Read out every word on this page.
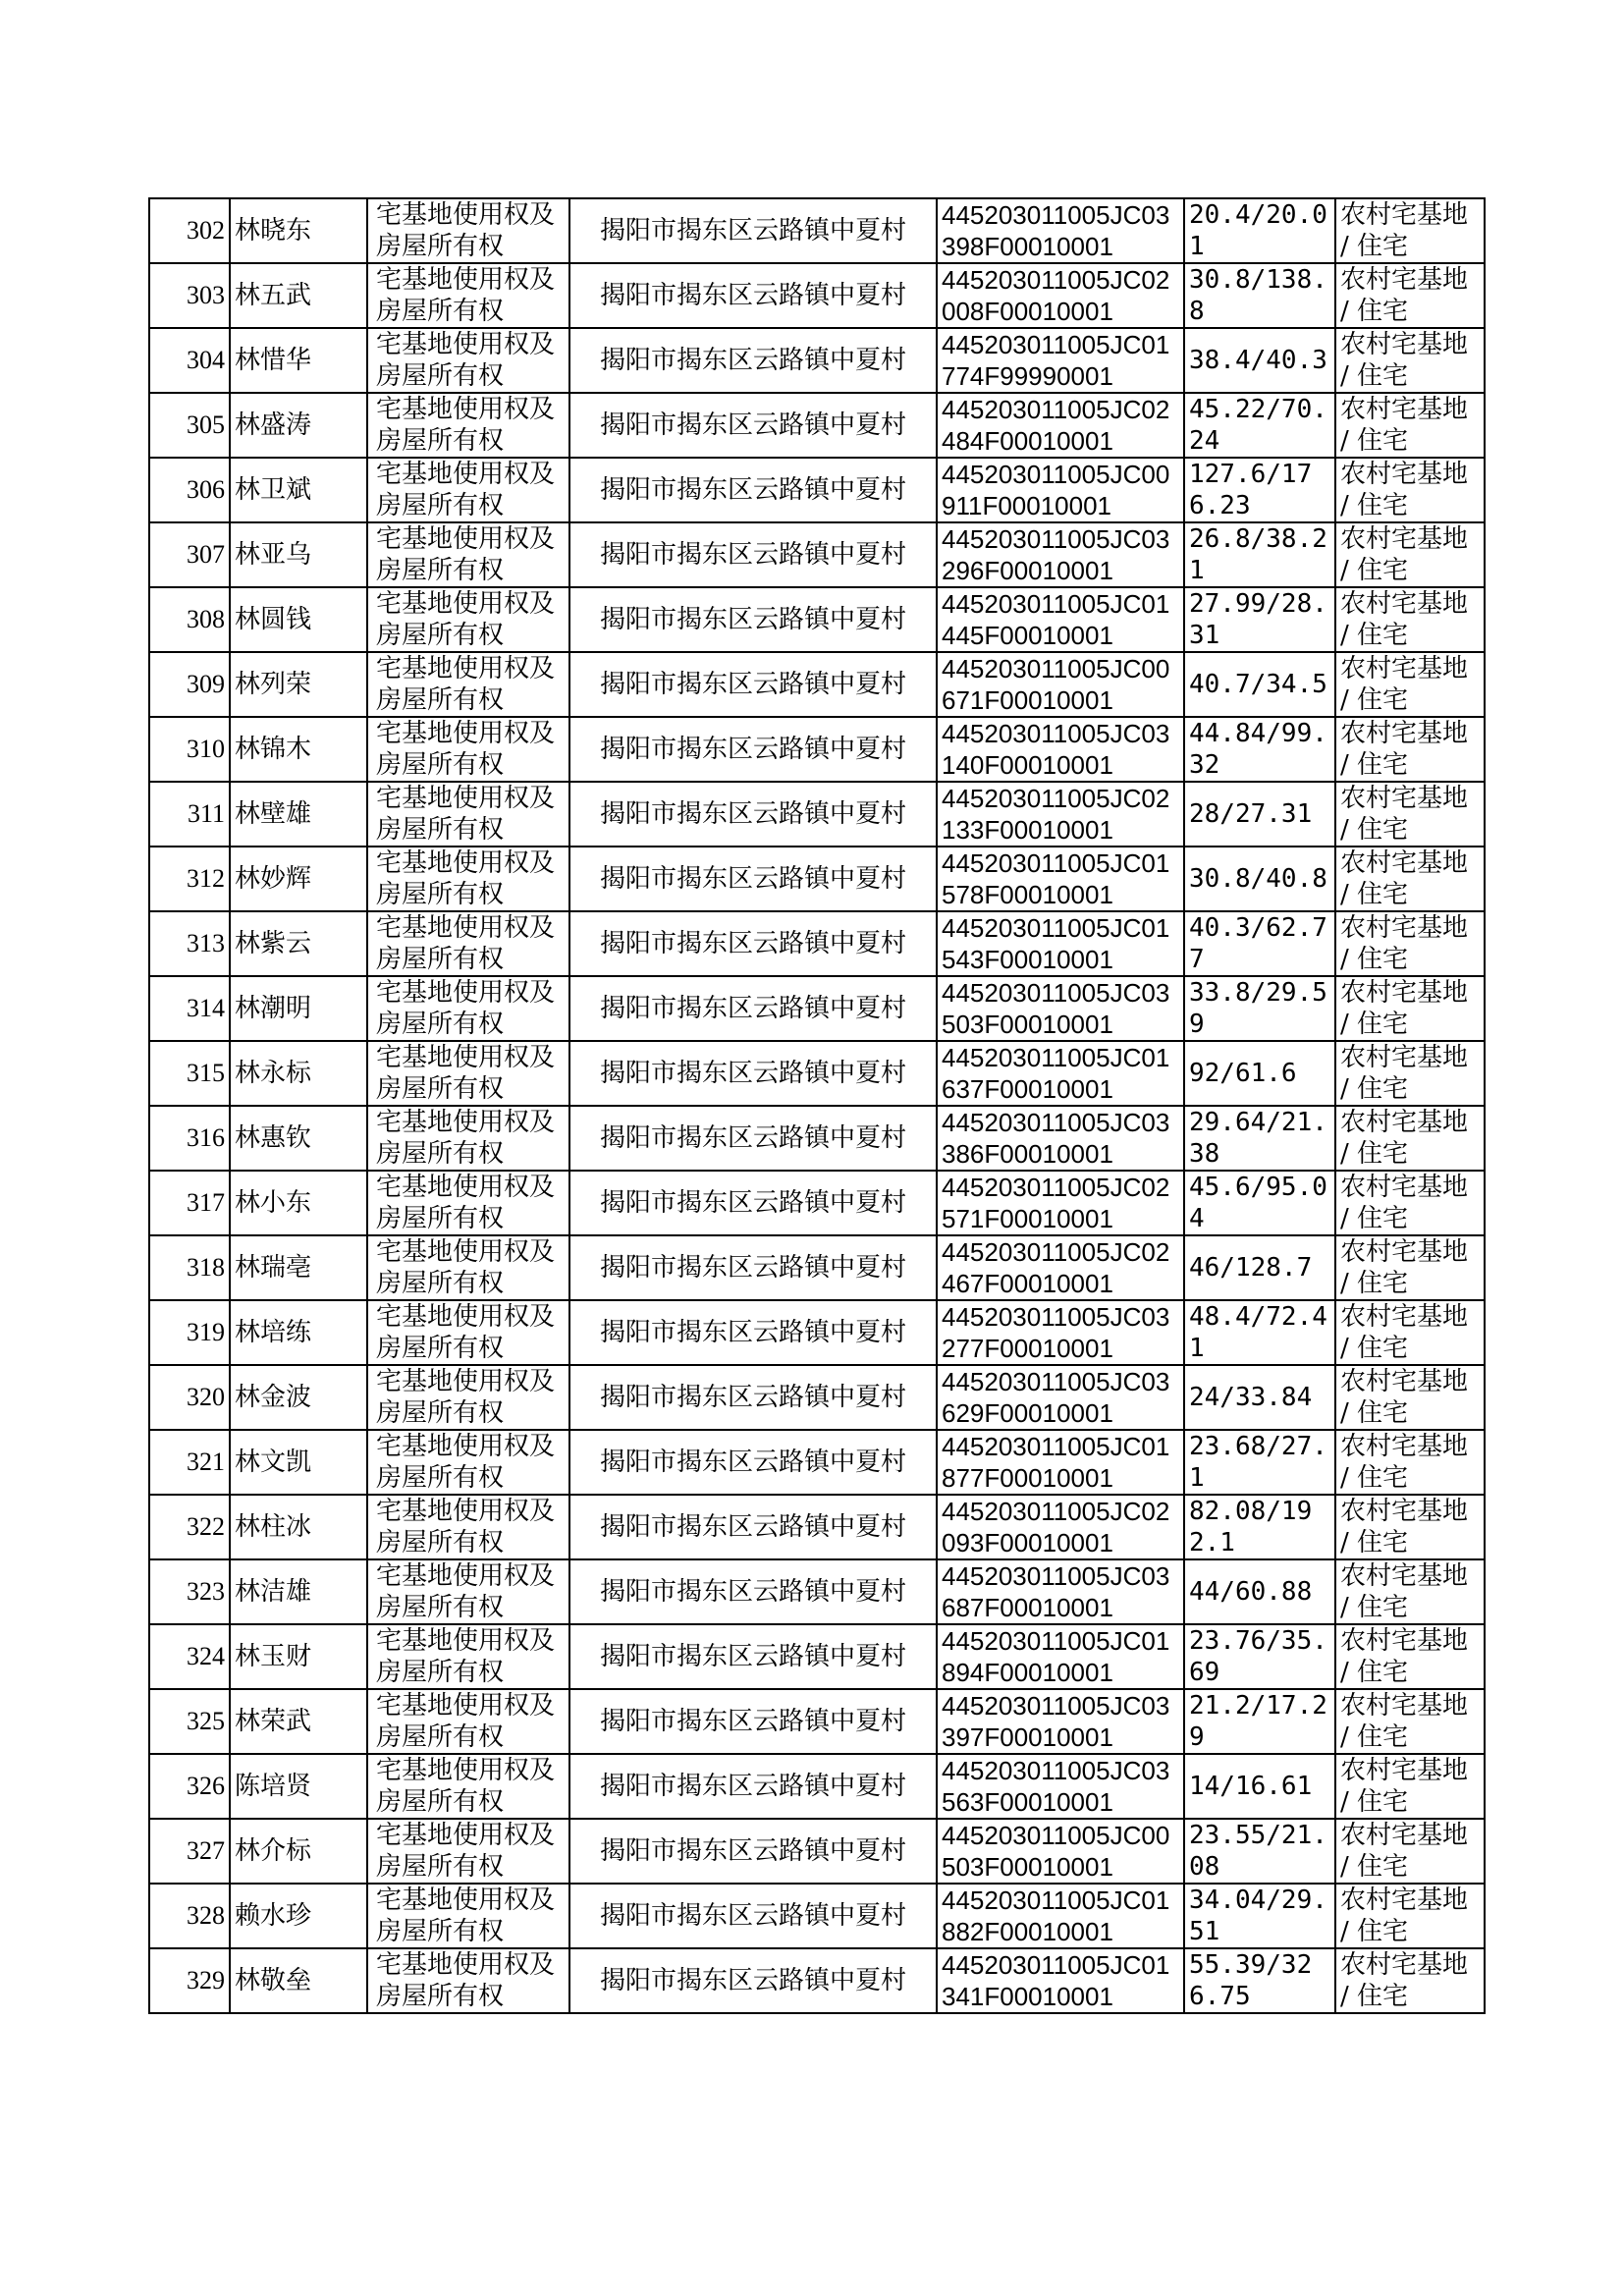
302	林晓东	宅基地使用权及房屋所有权	揭阳市揭东区云路镇中夏村	445203011005JC03398F00010001	20.4/20.01	农村宅基地 / 住宅

303	林五武	宅基地使用权及房屋所有权	揭阳市揭东区云路镇中夏村	445203011005JC02008F00010001	30.8/138.8	农村宅基地 / 住宅

304	林惜华	宅基地使用权及房屋所有权	揭阳市揭东区云路镇中夏村	445203011005JC01774F99990001	38.4/40.3	农村宅基地 / 住宅

305	林盛涛	宅基地使用权及房屋所有权	揭阳市揭东区云路镇中夏村	445203011005JC02484F00010001	45.22/70.24	农村宅基地 / 住宅

306	林卫斌	宅基地使用权及房屋所有权	揭阳市揭东区云路镇中夏村	445203011005JC00911F00010001	127.6/176.23	农村宅基地 / 住宅

307	林亚乌	宅基地使用权及房屋所有权	揭阳市揭东区云路镇中夏村	445203011005JC03296F00010001	26.8/38.21	农村宅基地 / 住宅

308	林圆钱	宅基地使用权及房屋所有权	揭阳市揭东区云路镇中夏村	445203011005JC01445F00010001	27.99/28.31	农村宅基地 / 住宅

309	林列荣	宅基地使用权及房屋所有权	揭阳市揭东区云路镇中夏村	445203011005JC00671F00010001	40.7/34.5	农村宅基地 / 住宅

310	林锦木	宅基地使用权及房屋所有权	揭阳市揭东区云路镇中夏村	445203011005JC03140F00010001	44.84/99.32	农村宅基地 / 住宅

311	林壁雄	宅基地使用权及房屋所有权	揭阳市揭东区云路镇中夏村	445203011005JC02133F00010001	28/27.31	农村宅基地 / 住宅

312	林妙辉	宅基地使用权及房屋所有权	揭阳市揭东区云路镇中夏村	445203011005JC01578F00010001	30.8/40.8	农村宅基地 / 住宅

313	林紫云	宅基地使用权及房屋所有权	揭阳市揭东区云路镇中夏村	445203011005JC01543F00010001	40.3/62.77	农村宅基地 / 住宅

314	林潮明	宅基地使用权及房屋所有权	揭阳市揭东区云路镇中夏村	445203011005JC03503F00010001	33.8/29.59	农村宅基地 / 住宅

315	林永标	宅基地使用权及房屋所有权	揭阳市揭东区云路镇中夏村	445203011005JC01637F00010001	92/61.6	农村宅基地 / 住宅

316	林惠钦	宅基地使用权及房屋所有权	揭阳市揭东区云路镇中夏村	445203011005JC03386F00010001	29.64/21.38	农村宅基地 / 住宅

317	林小东	宅基地使用权及房屋所有权	揭阳市揭东区云路镇中夏村	445203011005JC02571F00010001	45.6/95.04	农村宅基地 / 住宅

318	林瑞亳	宅基地使用权及房屋所有权	揭阳市揭东区云路镇中夏村	445203011005JC02467F00010001	46/128.7	农村宅基地 / 住宅

319	林培练	宅基地使用权及房屋所有权	揭阳市揭东区云路镇中夏村	445203011005JC03277F00010001	48.4/72.41	农村宅基地 / 住宅

320	林金波	宅基地使用权及房屋所有权	揭阳市揭东区云路镇中夏村	445203011005JC03629F00010001	24/33.84	农村宅基地 / 住宅

321	林文凯	宅基地使用权及房屋所有权	揭阳市揭东区云路镇中夏村	445203011005JC01877F00010001	23.68/27.1	农村宅基地 / 住宅

322	林柱冰	宅基地使用权及房屋所有权	揭阳市揭东区云路镇中夏村	445203011005JC02093F00010001	82.08/192.1	农村宅基地 / 住宅

323	林洁雄	宅基地使用权及房屋所有权	揭阳市揭东区云路镇中夏村	445203011005JC03687F00010001	44/60.88	农村宅基地 / 住宅

324	林玉财	宅基地使用权及房屋所有权	揭阳市揭东区云路镇中夏村	445203011005JC01894F00010001	23.76/35.69	农村宅基地 / 住宅

325	林荣武	宅基地使用权及房屋所有权	揭阳市揭东区云路镇中夏村	445203011005JC03397F00010001	21.2/17.29	农村宅基地 / 住宅

326	陈培贤	宅基地使用权及房屋所有权	揭阳市揭东区云路镇中夏村	445203011005JC03563F00010001	14/16.61	农村宅基地 / 住宅

327	林介标	宅基地使用权及房屋所有权	揭阳市揭东区云路镇中夏村	445203011005JC00503F00010001	23.55/21.08	农村宅基地 / 住宅

328	赖水珍	宅基地使用权及房屋所有权	揭阳市揭东区云路镇中夏村	445203011005JC01882F00010001	34.04/29.51	农村宅基地 / 住宅

329	林敬垒	宅基地使用权及房屋所有权	揭阳市揭东区云路镇中夏村	445203011005JC01341F00010001	55.39/326.75	农村宅基地 / 住宅
